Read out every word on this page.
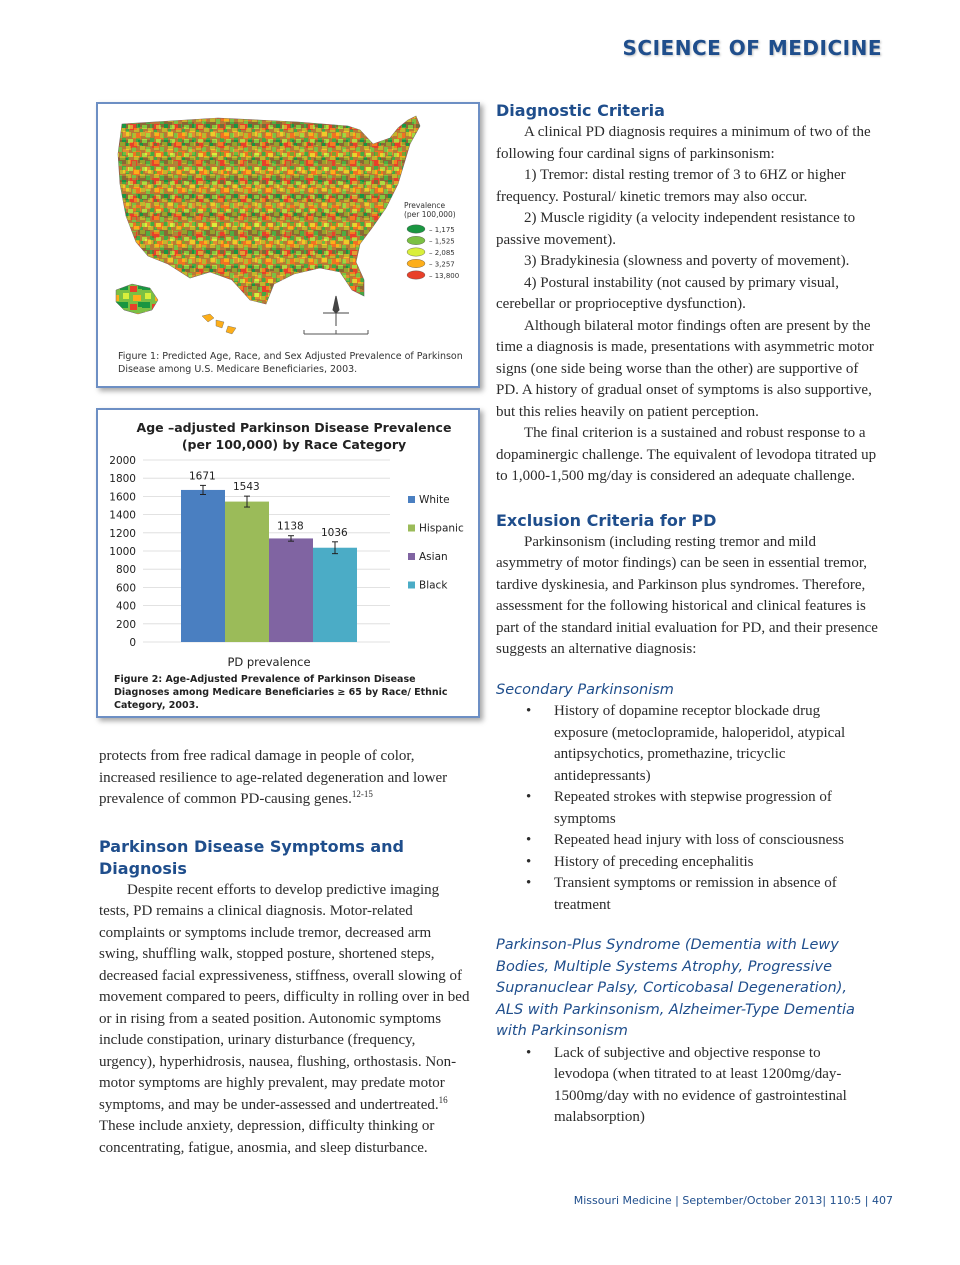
SCIENCE OF MEDICINE
Prevalence
(per 100,000)
– 1,175
– 1,525
– 2,085
– 3,257
– 13,800
Figure 1: Predicted Age, Race, and Sex Adjusted Prevalence of Parkinson Disease among U.S. Medicare Beneficiaries, 2003.
Age –adjusted Parkinson Disease Prevalence
(per 100,000) by Race Category
2000
1800
1600
1400
1200
1000
800
600
400
200
0
1671
1543
1138
1036
White
Hispanic
Asian
Black
PD prevalence
Figure 2: Age-Adjusted Prevalence of Parkinson Disease Diagnoses among Medicare Beneficiaries ≥ 65 by Race/ Ethnic Category, 2003.

protects from free radical damage in people of color, increased resilience to age-related degeneration and lower prevalence of common PD-causing genes.$^{12-15}$

Parkinson Disease Symptoms and Diagnosis

Despite recent efforts to develop predictive imaging tests, PD remains a clinical diagnosis. Motor-related complaints or symptoms include tremor, decreased arm swing, shuffling walk, stopped posture, shortened steps, decreased facial expressiveness, stiffness, overall slowing of movement compared to peers, difficulty in rolling over in bed or in rising from a seated position. Autonomic symptoms include constipation, urinary disturbance (frequency, urgency), hyperhidrosis, nausea, flushing, orthostasis. Non-motor symptoms are highly prevalent, may predate motor symptoms, and may be under-assessed and undertreated.$^{16}$ These include anxiety, depression, difficulty thinking or concentrating, fatigue, anosmia, and sleep disturbance.

Diagnostic Criteria

A clinical PD diagnosis requires a minimum of two of the following four cardinal signs of parkinsonism:

1) Tremor: distal resting tremor of 3 to 6HZ or higher frequency. Postural/ kinetic tremors may also occur.

2) Muscle rigidity (a velocity independent resistance to passive movement).

3) Bradykinesia (slowness and poverty of movement).

4) Postural instability (not caused by primary visual, cerebellar or proprioceptive dysfunction).

Although bilateral motor findings often are present by the time a diagnosis is made, presentations with asymmetric motor signs (one side being worse than the other) are supportive of PD. A history of gradual onset of symptoms is also supportive, but this relies heavily on patient perception.

The final criterion is a sustained and robust response to a dopaminergic challenge. The equivalent of levodopa titrated up to 1,000-1,500 mg/day is considered an adequate challenge.

Exclusion Criteria for PD

Parkinsonism (including resting tremor and mild asymmetry of motor findings) can be seen in essential tremor, tardive dyskinesia, and Parkinson plus syndromes. Therefore, assessment for the following historical and clinical features is part of the standard initial evaluation for PD, and their presence suggests an alternative diagnosis:

Secondary Parkinsonism
• History of dopamine receptor blockade drug exposure (metoclopramide, haloperidol, atypical antipsychotics, promethazine, tricyclic antidepressants)
• Repeated strokes with stepwise progression of symptoms
• Repeated head injury with loss of consciousness
• History of preceding encephalitis
• Transient symptoms or remission in absence of treatment
Parkinson-Plus Syndrome (Dementia with Lewy Bodies, Multiple Systems Atrophy, Progressive Supranuclear Palsy, Corticobasal Degeneration), ALS with Parkinsonism, Alzheimer-Type Dementia with Parkinsonism
• Lack of subjective and objective response to levodopa (when titrated to at least 1200mg/day-1500mg/day with no evidence of gastrointestinal malabsorption)
Missouri Medicine | September/October 2013| 110:5 | 407
